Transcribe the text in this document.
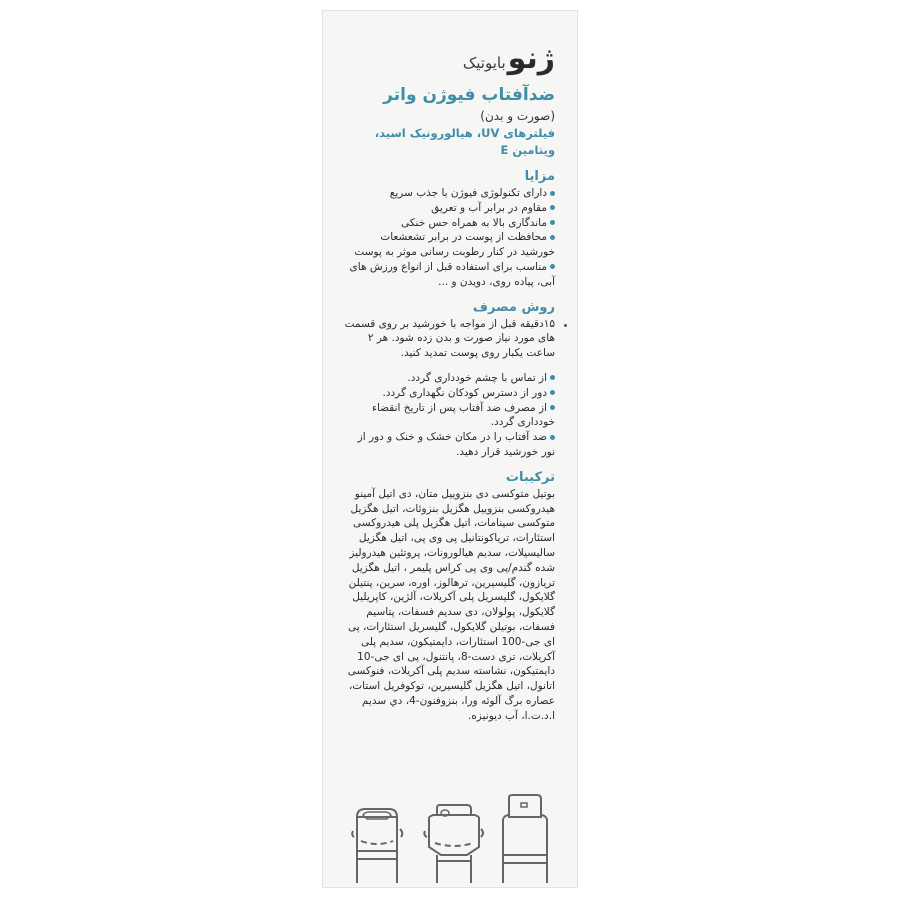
ژنو
بایوتیک
ضدآفتاب فیوژن واتر
(صورت و بدن)
فیلترهای UV، هیالورونیک اسید،
ویتامین E
مزایا
دارای تکنولوژی فیوژن با جذب سریع
مقاوم در برابر آب و تعریق
ماندگاری بالا به همراه حس خنکی
محافظت از پوست در برابر تشعشعات خورشید در کنار رطوبت رسانی موثر به پوست
مناسب برای استفاده قبل از انواع ورزش های آبی، پیاده روی، دویدن و ...
روش مصرف
۱۵دقیقه قبل از مواجه با خورشید بر روی قسمت های مورد نیاز صورت و بدن زده شود. هر ۲ ساعت یکبار روی پوست تمدید کنید.
از تماس با چشم خودداری گردد.
دور از دسترس کودکان نگهداری گردد.
از مصرف ضد آفتاب پس از تاریخ انقضاء خودداری گردد.
ضد آفتاب را در مکان خشک و خنک و دور از نور خورشید قرار دهید.
ترکیبات
بوتیل متوکسی دی بنزوییل متان، دی اتیل آمینو هیدروکسی بنزوییل هگزیل بنزوئات، اتیل هگزیل متوکسی سینامات، اتیل هگزیل پلی هیدروکسی استئارات، تریاکونتانیل پی وی پی، اتیل هگزیل سالیسیلات، سدیم هیالورونات، پروتئین هیدرولیز شده گندم/پی وی پی کراس پلیمر ، اتیل هگزیل تریازون، گلیسیرین، ترهالوز، اوره، سرین، پنتیلن گلایکول، گلیسریل پلی آکریلات، آلژین، کاپریلیل گلایکول، پولولان، دی سدیم فسفات، پتاسیم فسفات، بوتیلن گلایکول، گلیسریل استئارات، پی ای جی-100 استئارات، دایمتیکون، سدیم پلی آکریلات، تری دست-8، پانتنول، پی ای جی-10 دایمتیکون، نشاسته سدیم پلی آکریلات، فنوکسی اتانول، اتیل هگزیل گلیسیرین، توکوفریل استات، عصاره برگ آلوئه ورا، بنزوفنون-4، دي سديم ا.د.ت.ا، آب دیونیزه.
